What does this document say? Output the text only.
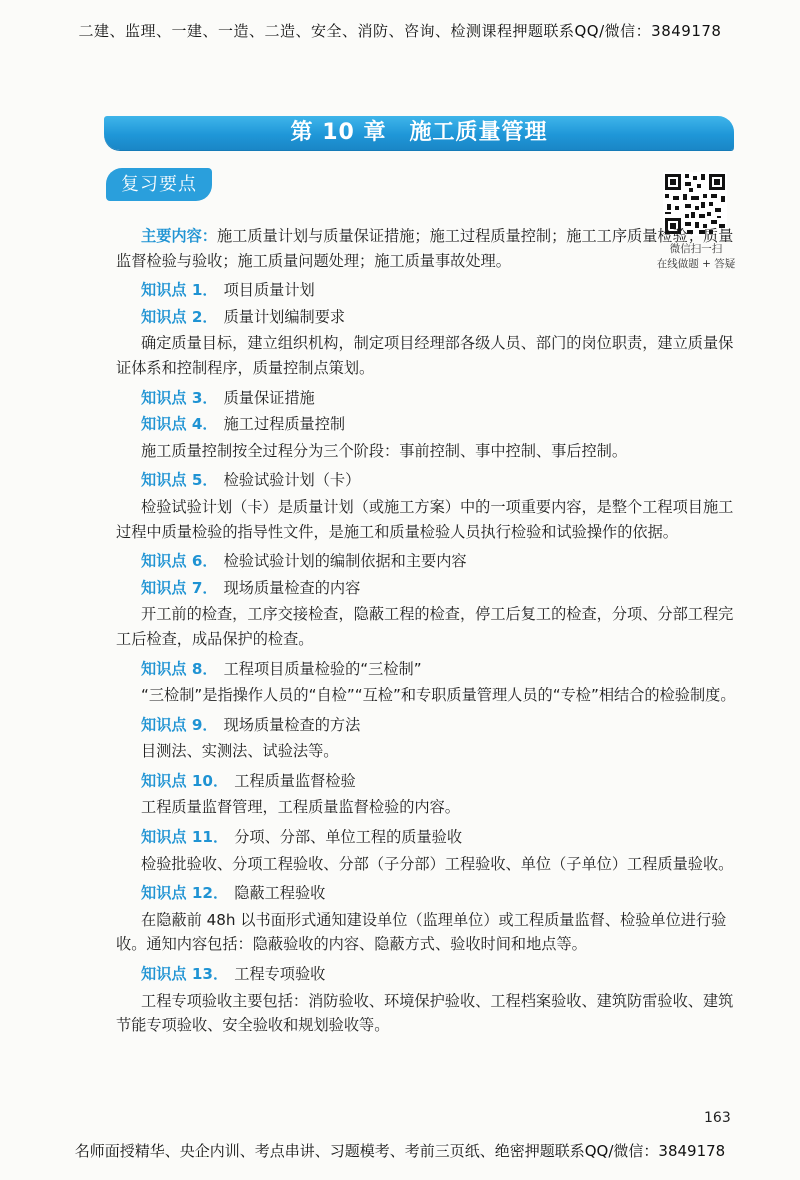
二建、监理、一建、一造、二造、安全、消防、咨询、检测课程押题联系QQ/微信：3849178
第 10 章　施工质量管理
复习要点
微信扫一扫
在线做题 + 答疑

主要内容：施工质量计划与质量保证措施；施工过程质量控制；施工工序质量检验；质量监督检验与验收；施工质量问题处理；施工质量事故处理。

知识点 1． 项目质量计划

知识点 2． 质量计划编制要求

确定质量目标，建立组织机构，制定项目经理部各级人员、部门的岗位职责，建立质量保证体系和控制程序，质量控制点策划。

知识点 3． 质量保证措施

知识点 4． 施工过程质量控制

施工质量控制按全过程分为三个阶段：事前控制、事中控制、事后控制。

知识点 5． 检验试验计划（卡）

检验试验计划（卡）是质量计划（或施工方案）中的一项重要内容，是整个工程项目施工过程中质量检验的指导性文件，是施工和质量检验人员执行检验和试验操作的依据。

知识点 6． 检验试验计划的编制依据和主要内容

知识点 7． 现场质量检查的内容

开工前的检查，工序交接检查，隐蔽工程的检查，停工后复工的检查，分项、分部工程完工后检查，成品保护的检查。

知识点 8． 工程项目质量检验的“三检制”

“三检制”是指操作人员的“自检”“互检”和专职质量管理人员的“专检”相结合的检验制度。

知识点 9． 现场质量检查的方法

目测法、实测法、试验法等。

知识点 10． 工程质量监督检验

工程质量监督管理，工程质量监督检验的内容。

知识点 11． 分项、分部、单位工程的质量验收

检验批验收、分项工程验收、分部（子分部）工程验收、单位（子单位）工程质量验收。

知识点 12． 隐蔽工程验收

在隐蔽前 48h 以书面形式通知建设单位（监理单位）或工程质量监督、检验单位进行验收。通知内容包括：隐蔽验收的内容、隐蔽方式、验收时间和地点等。

知识点 13． 工程专项验收

工程专项验收主要包括：消防验收、环境保护验收、工程档案验收、建筑防雷验收、建筑节能专项验收、安全验收和规划验收等。

163
名师面授精华、央企内训、考点串讲、习题模考、考前三页纸、绝密押题联系QQ/微信：3849178
